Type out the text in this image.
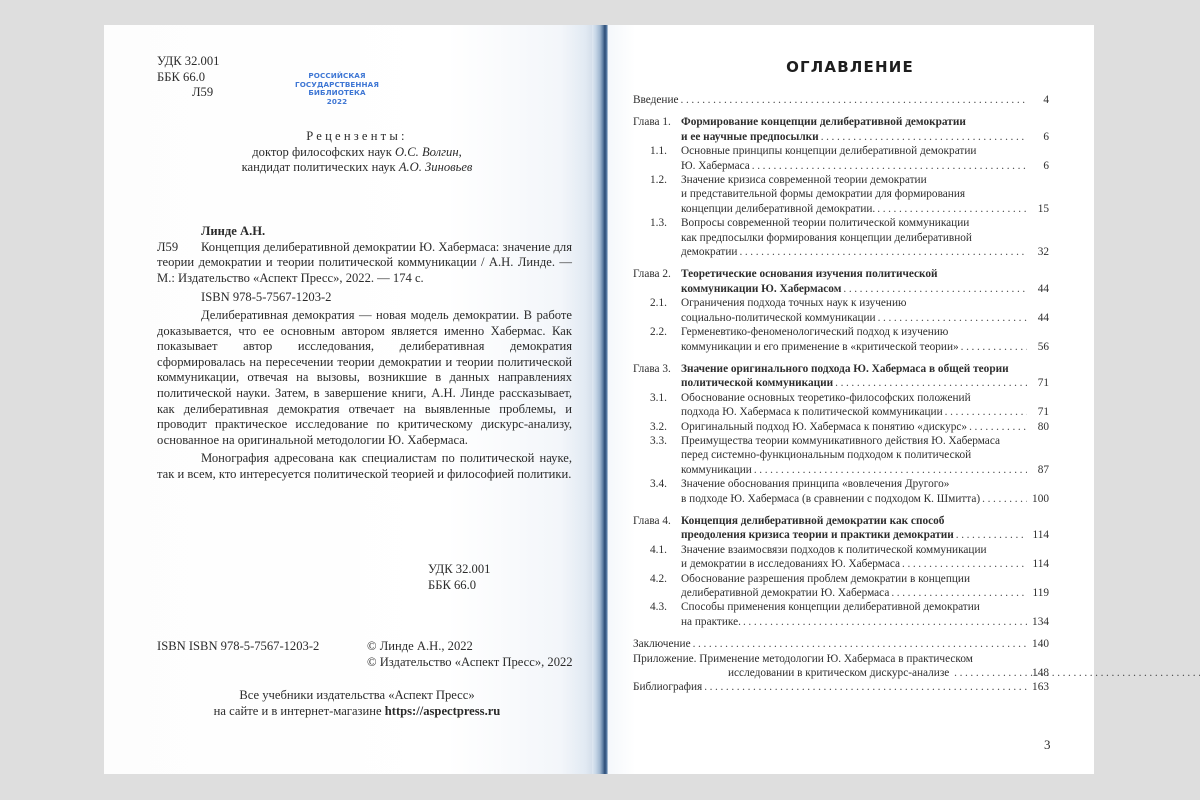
УДК 32.001
ББК 66.0
Л59
РОССИЙСКАЯ
ГОСУДАРСТВЕННАЯ
БИБЛИОТЕКА
2022
Рецензенты:
доктор философских наук О.С. Волгин,
кандидат политических наук А.О. Зиновьев
Линде А.Н.
Л59 Концепция делиберативной демократии Ю. Хабермаса: значение для теории демократии и теории политической коммуникации / А.Н. Линде. — М.: Издательство «Аспект Пресс», 2022. — 174 с.
ISBN 978-5-7567-1203-2

Делиберативная демократия — новая модель демократии. В работе доказывается, что ее основным автором является именно Хабермас. Как показывает автор исследования, делиберативная демократия сформировалась на пересечении теории демократии и теории политической коммуникации, отвечая на вызовы, возникшие в данных направлениях политической науки. Затем, в завершение книги, А.Н. Линде рассказывает, как делиберативная демократия отвечает на выявленные проблемы, и проводит практическое исследование по критическому дискурс-анализу, основанное на оригинальной методологии Ю. Хабермаса.

Монография адресована как специалистам по политической науке, так и всем, кто интересуется политической теорией и философией политики.

УДК 32.001
ББК 66.0
ISBN ISBN 978-5-7567-1203-2	© Линде А.Н., 2022
© Издательство «Аспект Пресс», 2022
Все учебники издательства «Аспект Пресс»
на сайте и в интернет-магазине https://aspectpress.ru
ОГЛАВЛЕНИЕ
Введение .....	4
Глава 1. Формирование концепции делиберативной демократии
и ее научные предпосылки .....	6
1.1. Основные принципы концепции делиберативной демократии
Ю. Хабермаса .....	6
1.2. Значение кризиса современной теории демократии
и представительной формы демократии для формирования
концепции делиберативной демократии. .....	15
1.3. Вопросы современной теории политической коммуникации
как предпосылки формирования концепции делиберативной
демократии .....	32
Глава 2. Теоретические основания изучения политической
коммуникации Ю. Хабермасом .....	44
2.1. Ограничения подхода точных наук к изучению
социально-политической коммуникации .....	44
2.2. Герменевтико-феноменологический подход к изучению
коммуникации и его применение в «критической теории» .....	56
Глава 3. Значение оригинального подхода Ю. Хабермаса в общей теории
политической коммуникации .....	71
3.1. Обоснование основных теоретико-философских положений
подхода Ю. Хабермаса к политической коммуникации .....	71
3.2. Оригинальный подход Ю. Хабермаса к понятию «дискурс» .....	80
3.3. Преимущества теории коммуникативного действия Ю. Хабермаса
перед системно-функциональным подходом к политической
коммуникации .....	87
3.4. Значение обоснования принципа «вовлечения Другого»
в подходе Ю. Хабермаса (в сравнении с подходом К. Шмитта) .....	100
Глава 4. Концепция делиберативной демократии как способ
преодоления кризиса теории и практики демократии .....	114
4.1. Значение взаимосвязи подходов к политической коммуникации
и демократии в исследованиях Ю. Хабермаса .....	114
4.2. Обоснование разрешения проблем демократии в концепции
делиберативной демократии Ю. Хабермаса .....	119
4.3. Способы применения концепции делиберативной демократии
на практике. .....	134
Заключение .....	140
Приложение. Применение методологии Ю. Хабермаса в практическом
исследовании в критическом дискурс-анализе .....	148
Библиография .....	163
3
